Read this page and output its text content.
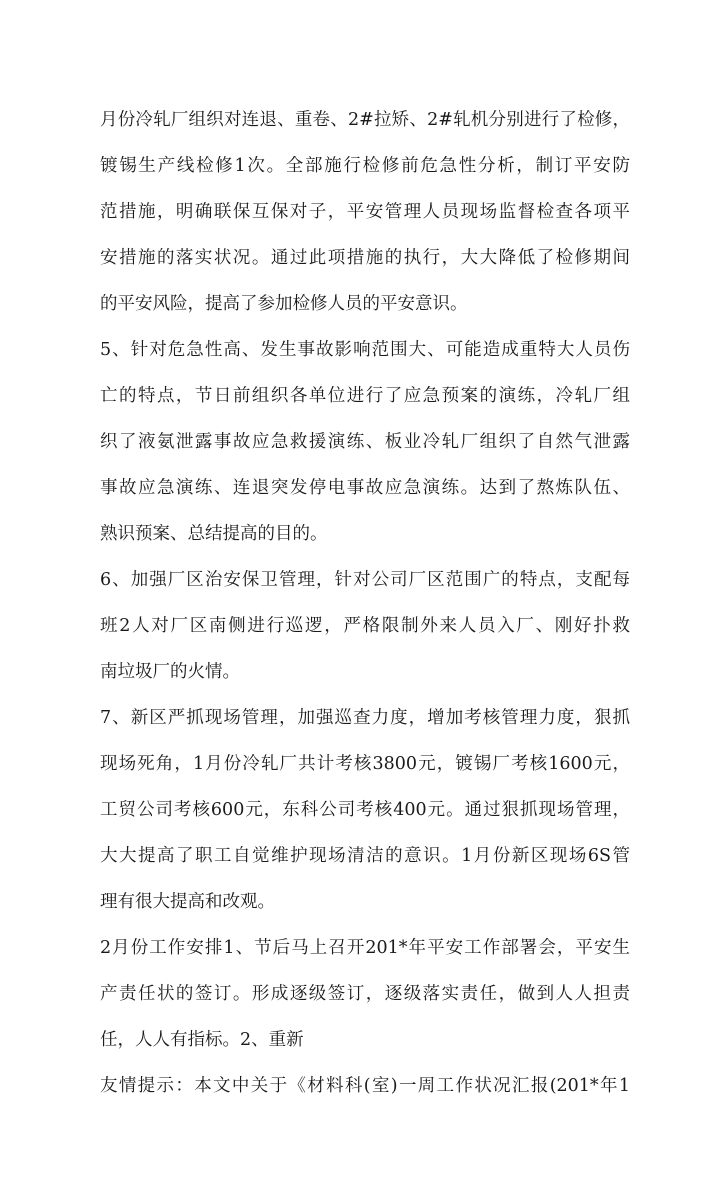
月份冷轧厂组织对连退、重卷、2#拉矫、2#轧机分别进行了检修，
镀锡生产线检修1次。全部施行检修前危急性分析，制订平安防
范措施，明确联保互保对子，平安管理人员现场监督检查各项平
安措施的落实状况。通过此项措施的执行，大大降低了检修期间
的平安风险，提高了参加检修人员的平安意识。
5、针对危急性高、发生事故影响范围大、可能造成重特大人员伤
亡的特点，节日前组织各单位进行了应急预案的演练，冷轧厂组
织了液氨泄露事故应急救援演练、板业冷轧厂组织了自然气泄露
事故应急演练、连退突发停电事故应急演练。达到了熬炼队伍、
熟识预案、总结提高的目的。
6、加强厂区治安保卫管理，针对公司厂区范围广的特点，支配每
班2人对厂区南侧进行巡逻，严格限制外来人员入厂、刚好扑救
南垃圾厂的火情。
7、新区严抓现场管理，加强巡查力度，增加考核管理力度，狠抓
现场死角，1月份冷轧厂共计考核3800元，镀锡厂考核1600元，
工贸公司考核600元，东科公司考核400元。通过狠抓现场管理，
大大提高了职工自觉维护现场清洁的意识。1月份新区现场6S管
理有很大提高和改观。
2月份工作安排1、节后马上召开201*年平安工作部署会，平安生
产责任状的签订。形成逐级签订，逐级落实责任，做到人人担责
任，人人有指标。2、重新
友情提示：本文中关于《材料科(室)一周工作状况汇报(201*年1
